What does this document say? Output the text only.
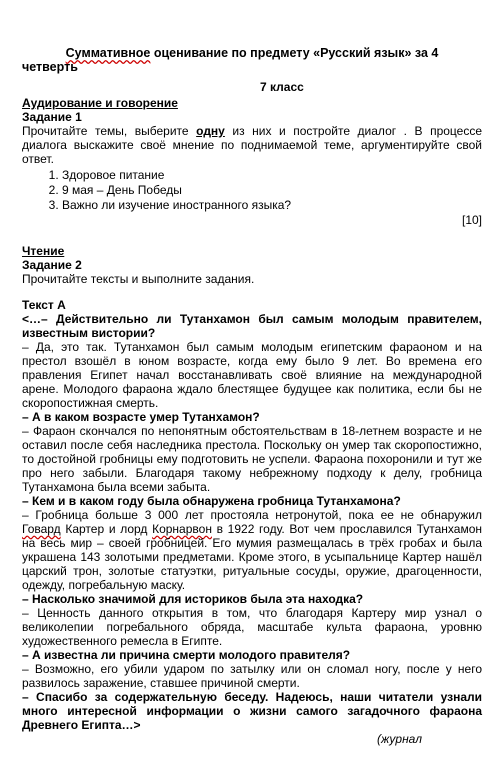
Суммативное оценивание по предмету «Русский язык» за 4
четверть
7 класс
Аудирование и говорение
Задание 1

Прочитайте темы, выберите одну из них и постройте диалог . В процессе диалога выскажите своё мнение по поднимаемой теме, аргументируйте свой ответ.

1. Здоровое питание
2. 9 мая – День Победы
3. Важно ли изучение иностранного языка?
[10]
Чтение
Задание 2

Прочитайте тексты и выполните задания.

Текст А

<…– Действительно ли Тутанхамон был самым молодым правителем, известным вистории?

– Да, это так. Тутанхамон был самым молодым египетским фараоном и на престол взошёл в юном возрасте, когда ему было 9 лет. Во времена его правления Египет начал восстанавливать своё влияние на международной арене. Молодого фараона ждало блестящее будущее как политика, если бы не скоропостижная смерть.

– А в каком возрасте умер Тутанхамон?

– Фараон скончался по непонятным обстоятельствам в 18-летнем возрасте и не оставил после себя наследника престола. Поскольку он умер так скоропостижно, то достойной гробницы ему подготовить не успели. Фараона похоронили и тут же про него забыли. Благодаря такому небрежному подходу к делу, гробница Тутанхамона была всеми забыта.

– Кем и в каком году была обнаружена гробница Тутанхамона?

– Гробница больше 3 000 лет простояла нетронутой, пока ее не обнаружил Говард Картер и лорд Корнарвон в 1922 году. Вот чем прославился Тутанхамон на весь мир – своей гробницей. Его мумия размещалась в трёх гробах и была украшена 143 золотыми предметами. Кроме этого, в усыпальнице Картер нашёл царский трон, золотые статуэтки, ритуальные сосуды, оружие, драгоценности, одежду, погребальную маску.

– Насколько значимой для историков была эта находка?

– Ценность данного открытия в том, что благодаря Картеру мир узнал о великолепии погребального обряда, масштабе культа фараона, уровню художественного ремесла в Египте.

– А известна ли причина смерти молодого правителя?

– Возможно, его убили ударом по затылку или он сломал ногу, после у него развилось заражение, ставшее причиной смерти.

– Спасибо за содержательную беседу. Надеюсь, наши читатели узнали много интересной информации о жизни самого загадочного фараона Древнего Египта…>

(журнал
